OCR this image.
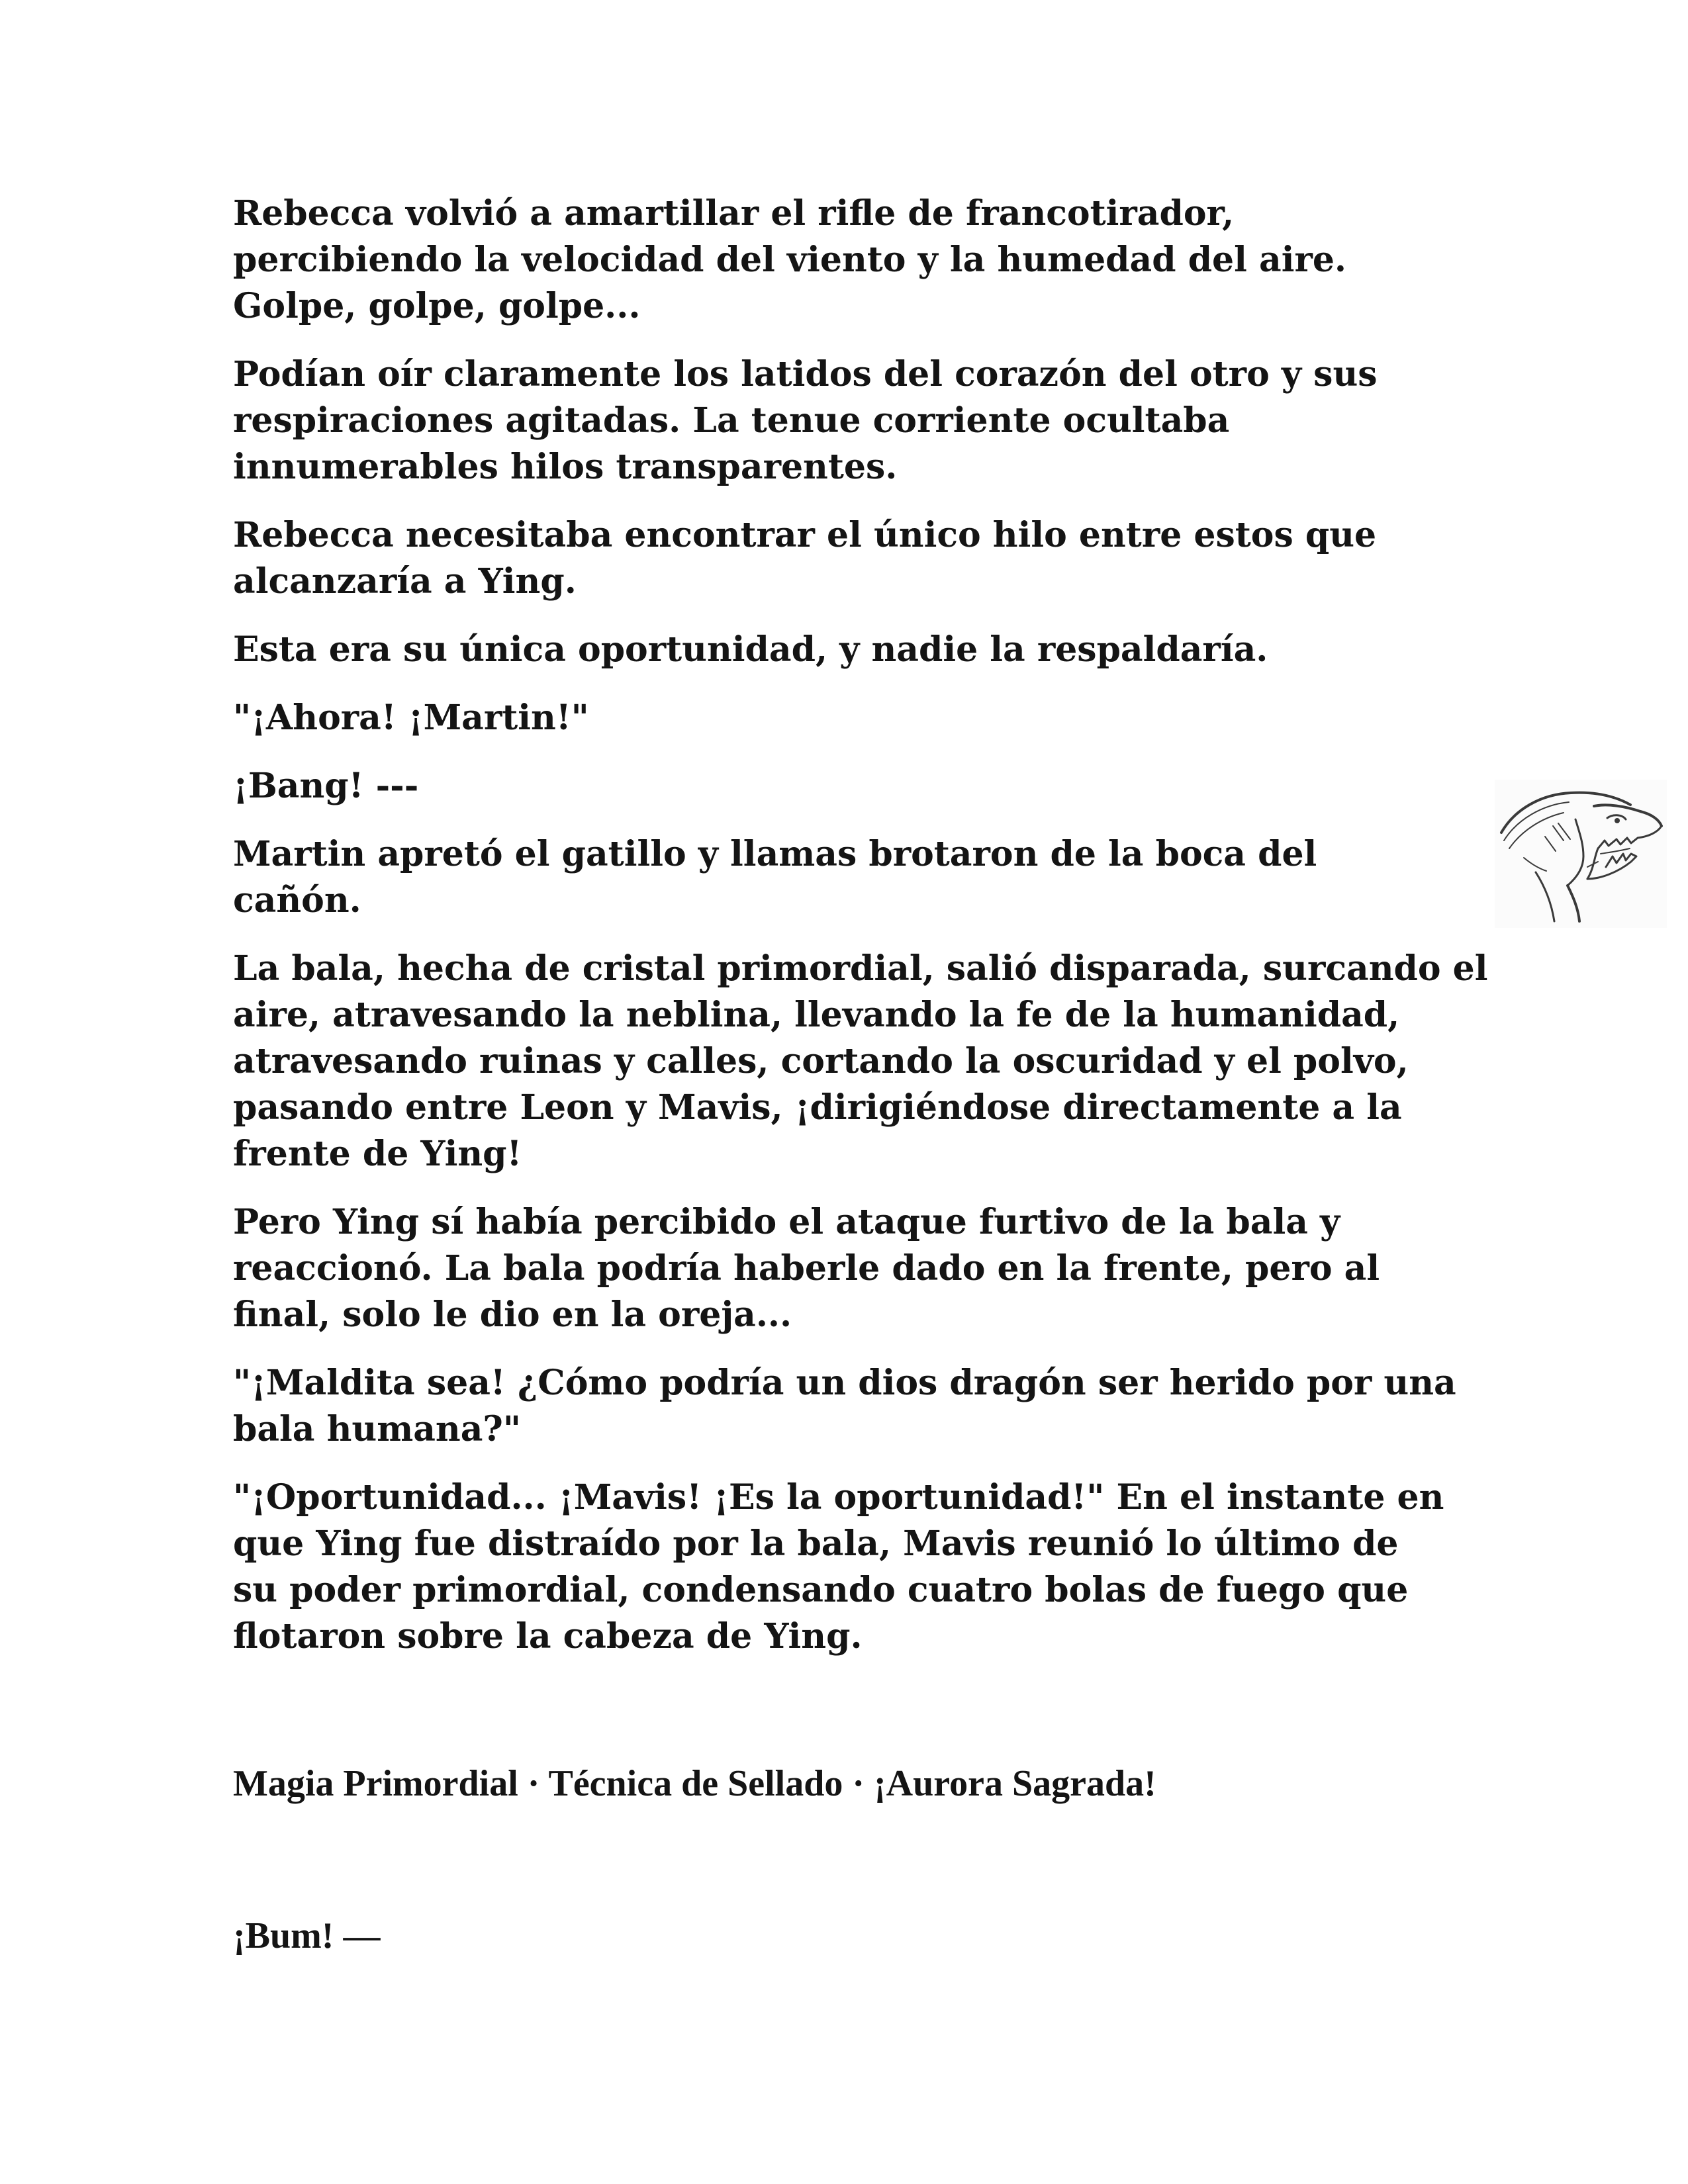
Rebecca volvió a amartillar el rifle de francotirador, percibiendo la velocidad del viento y la humedad del aire. Golpe, golpe, golpe...

Podían oír claramente los latidos del corazón del otro y sus respiraciones agitadas. La tenue corriente ocultaba innumerables hilos transparentes.

Rebecca necesitaba encontrar el único hilo entre estos que alcanzaría a Ying.

Esta era su única oportunidad, y nadie la respaldaría.

"¡Ahora! ¡Martin!"

¡Bang! ---

Martin apretó el gatillo y llamas brotaron de la boca del cañón.

La bala, hecha de cristal primordial, salió disparada, surcando el aire, atravesando la neblina, llevando la fe de la humanidad, atravesando ruinas y calles, cortando la oscuridad y el polvo, pasando entre Leon y Mavis, ¡dirigiéndose directamente a la frente de Ying!

Pero Ying sí había percibido el ataque furtivo de la bala y reaccionó. La bala podría haberle dado en la frente, pero al final, solo le dio en la oreja...

"¡Maldita sea! ¿Cómo podría un dios dragón ser herido por una bala humana?"

"¡Oportunidad... ¡Mavis! ¡Es la oportunidad!" En el instante en que Ying fue distraído por la bala, Mavis reunió lo último de su poder primordial, condensando cuatro bolas de fuego que flotaron sobre la cabeza de Ying.

Magia Primordial · Técnica de Sellado · ¡Aurora Sagrada!

¡Bum! —
